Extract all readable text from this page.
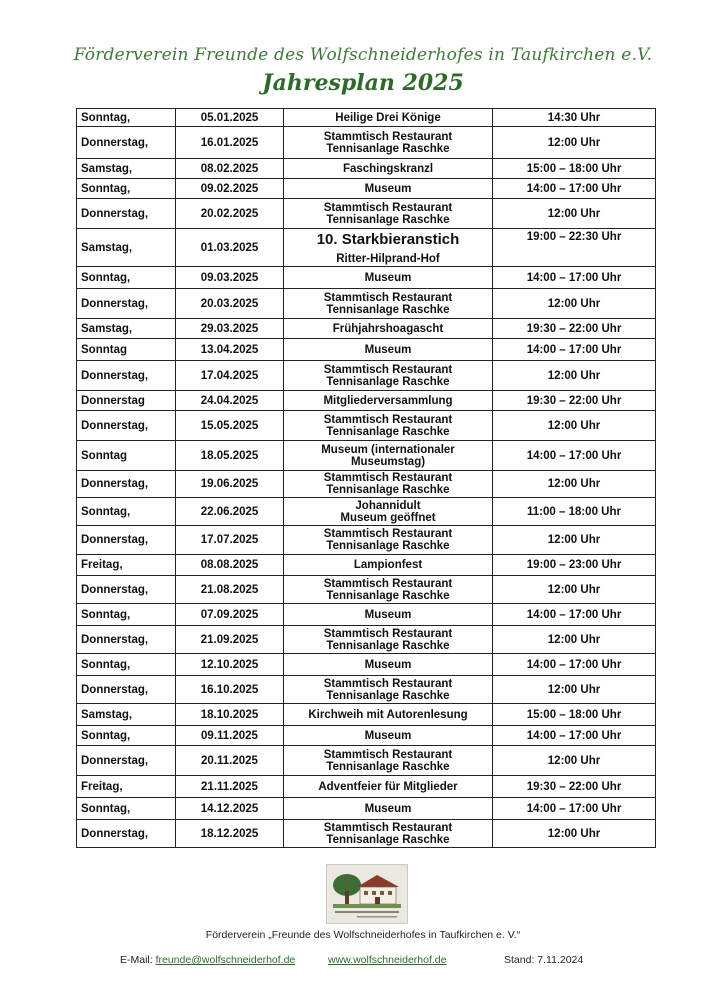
Förderverein Freunde des Wolfschneiderhofes in Taufkirchen e.V.
Jahresplan 2025
Sonntag,	05.01.2025	Heilige Drei Könige	14:30 Uhr
Donnerstag,	16.01.2025	Stammtisch Restaurant
Tennisanlage Raschke	12:00 Uhr
Samstag,	08.02.2025	Faschingskranzl	15:00 – 18:00 Uhr
Sonntag,	09.02.2025	Museum	14:00 – 17:00 Uhr
Donnerstag,	20.02.2025	Stammtisch Restaurant
Tennisanlage Raschke	12:00 Uhr
Samstag,	01.03.2025	10. Starkbieranstich
Ritter-Hilprand-Hof	19:00 – 22:30 Uhr
Sonntag,	09.03.2025	Museum	14:00 – 17:00 Uhr
Donnerstag,	20.03.2025	Stammtisch Restaurant
Tennisanlage Raschke	12:00 Uhr
Samstag,	29.03.2025	Frühjahrshoagascht	19:30 – 22:00 Uhr
Sonntag	13.04.2025	Museum	14:00 – 17:00 Uhr
Donnerstag,	17.04.2025	Stammtisch Restaurant
Tennisanlage Raschke	12:00 Uhr
Donnerstag	24.04.2025	Mitgliederversammlung	19:30 – 22:00 Uhr
Donnerstag,	15.05.2025	Stammtisch Restaurant
Tennisanlage Raschke	12:00 Uhr
Sonntag	18.05.2025	Museum (internationaler
Museumstag)	14:00 – 17:00 Uhr
Donnerstag,	19.06.2025	Stammtisch Restaurant
Tennisanlage Raschke	12:00 Uhr
Sonntag,	22.06.2025	Johannidult
Museum geöffnet	11:00 – 18:00 Uhr
Donnerstag,	17.07.2025	Stammtisch Restaurant
Tennisanlage Raschke	12:00 Uhr
Freitag,	08.08.2025	Lampionfest	19:00 – 23:00 Uhr
Donnerstag,	21.08.2025	Stammtisch Restaurant
Tennisanlage Raschke	12:00 Uhr
Sonntag,	07.09.2025	Museum	14:00 – 17:00 Uhr
Donnerstag,	21.09.2025	Stammtisch Restaurant
Tennisanlage Raschke	12:00 Uhr
Sonntag,	12.10.2025	Museum	14:00 – 17:00 Uhr
Donnerstag,	16.10.2025	Stammtisch Restaurant
Tennisanlage Raschke	12:00 Uhr
Samstag,	18.10.2025	Kirchweih mit Autorenlesung	15:00 – 18:00 Uhr
Sonntag,	09.11.2025	Museum	14:00 – 17:00 Uhr
Donnerstag,	20.11.2025	Stammtisch Restaurant
Tennisanlage Raschke	12:00 Uhr
Freitag,	21.11.2025	Adventfeier für Mitglieder	19:30 – 22:00 Uhr
Sonntag,	14.12.2025	Museum	14:00 – 17:00 Uhr
Donnerstag,	18.12.2025	Stammtisch Restaurant
Tennisanlage Raschke	12:00 Uhr
Förderverein „Freunde des Wolfschneiderhofes in Taufkirchen e. V.“
E-Mail: freunde@wolfschneiderhof.de	www.wolfschneiderhof.de	Stand: 7.11.2024
